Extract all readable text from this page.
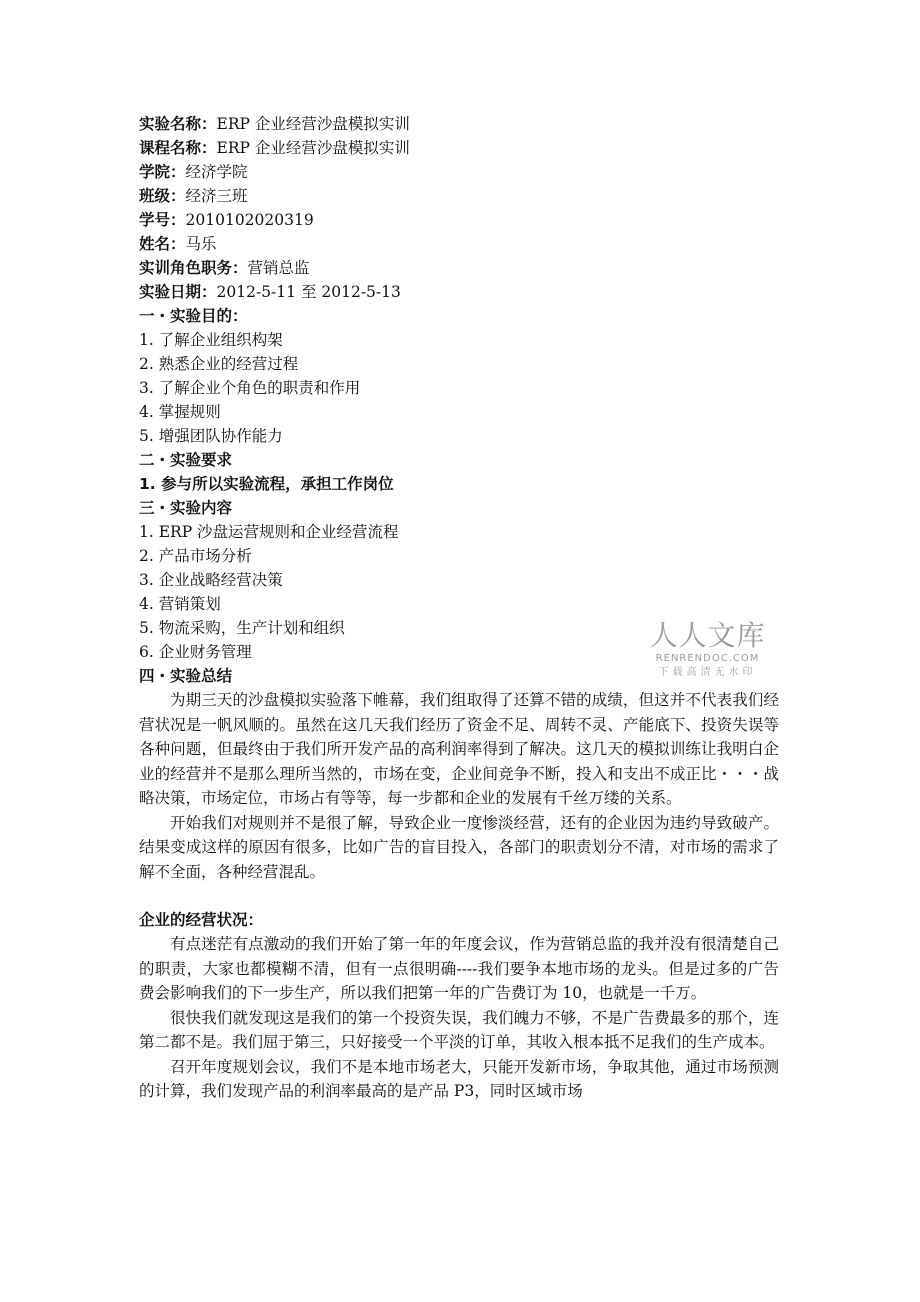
实验名称：ERP 企业经营沙盘模拟实训
课程名称：ERP 企业经营沙盘模拟实训
学院：经济学院
班级：经济三班
学号：2010102020319
姓名：马乐
实训角色职务：营销总监
实验日期：2012-5-11 至 2012-5-13
一・实验目的：
1. 了解企业组织构架
2. 熟悉企业的经营过程
3. 了解企业个角色的职责和作用
4. 掌握规则
5. 增强团队协作能力
二・实验要求
1. 参与所以实验流程，承担工作岗位
三・实验内容
1. ERP 沙盘运营规则和企业经营流程
2. 产品市场分析
3. 企业战略经营决策
4. 营销策划
5. 物流采购，生产计划和组织
6. 企业财务管理
四・实验总结

为期三天的沙盘模拟实验落下帷幕，我们组取得了还算不错的成绩，但这并不代表我们经营状况是一帆风顺的。虽然在这几天我们经历了资金不足、周转不灵、产能底下、投资失误等各种问题，但最终由于我们所开发产品的高利润率得到了解决。这几天的模拟训练让我明白企业的经营并不是那么理所当然的，市场在变，企业间竞争不断，投入和支出不成正比・・・战略决策，市场定位，市场占有等等，每一步都和企业的发展有千丝万缕的关系。

开始我们对规则并不是很了解，导致企业一度惨淡经营，还有的企业因为违约导致破产。结果变成这样的原因有很多，比如广告的盲目投入，各部门的职责划分不清，对市场的需求了解不全面，各种经营混乱。

企业的经营状况：

有点迷茫有点激动的我们开始了第一年的年度会议，作为营销总监的我并没有很清楚自己的职责，大家也都模糊不清，但有一点很明确----我们要争本地市场的龙头。但是过多的广告费会影响我们的下一步生产，所以我们把第一年的广告费订为 10，也就是一千万。

很快我们就发现这是我们的第一个投资失误，我们魄力不够，不是广告费最多的那个，连第二都不是。我们屈于第三，只好接受一个平淡的订单，其收入根本抵不足我们的生产成本。

召开年度规划会议，我们不是本地市场老大，只能开发新市场，争取其他，通过市场预测的计算，我们发现产品的利润率最高的是产品 P3，同时区域市场

人人文库
RENRENDOC.COM
下载高清无水印
